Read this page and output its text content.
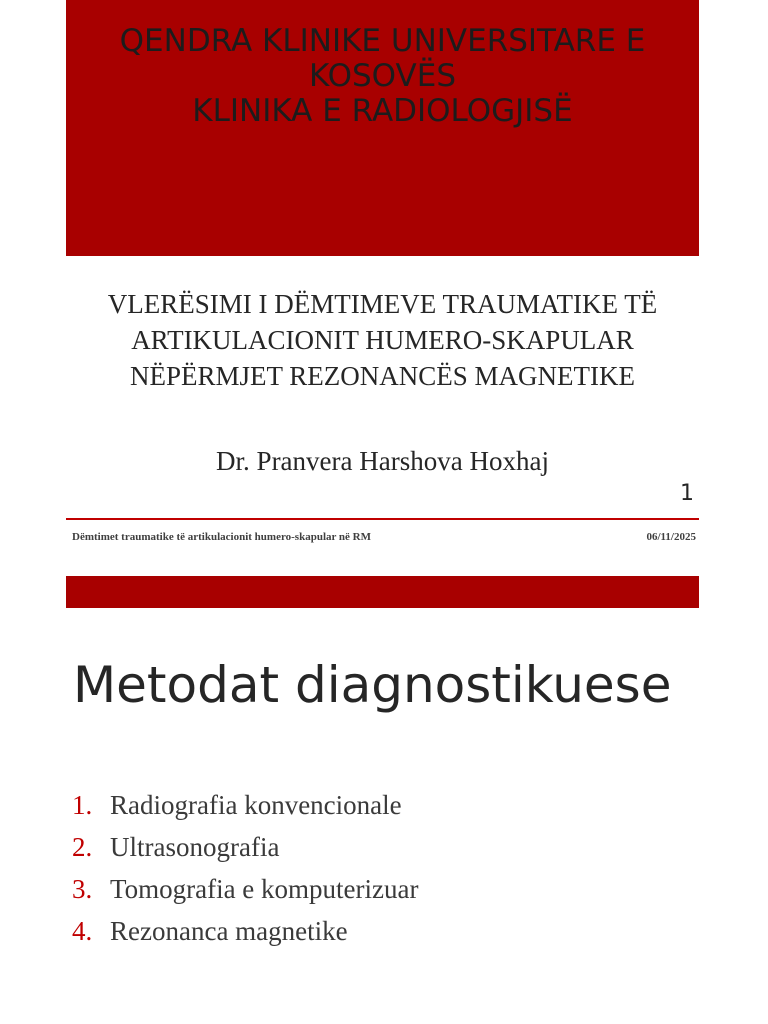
QENDRA KLINIKE UNIVERSITARE E
KOSOVËS
KLINIKA E RADIOLOGJISË
VLERËSIMI I DËMTIMEVE TRAUMATIKE TË
ARTIKULACIONIT HUMERO-SKAPULAR
NËPËRMJET REZONANCËS MAGNETIKE
Dr. Pranvera Harshova Hoxhaj
1
Dëmtimet traumatike të artikulacionit humero-skapular në RM	06/11/2025
Metodat diagnostikuese
1. Radiografia konvencionale
2. Ultrasonografia
3. Tomografia e komputerizuar
4. Rezonanca magnetike
